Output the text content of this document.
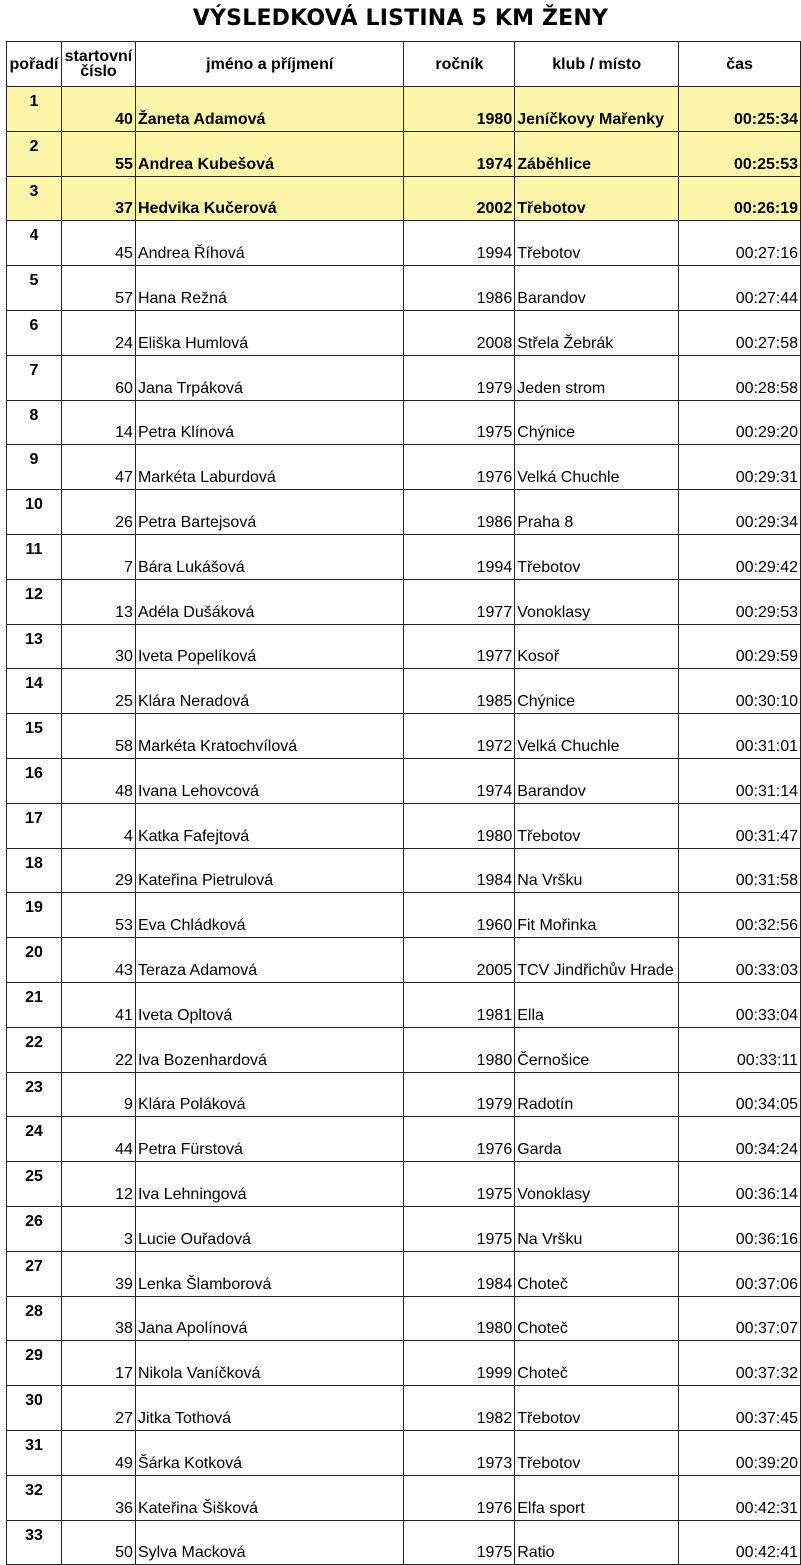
VÝSLEDKOVÁ LISTINA 5 KM ŽENY
pořadí	startovní číslo	jméno a příjmení	ročník	klub / místo	čas
1	40	Žaneta Adamová	1980	Jeníčkovy Mařenky	00:25:34
2	55	Andrea Kubešová	1974	Záběhlice	00:25:53
3	37	Hedvika Kučerová	2002	Třebotov	00:26:19
4	45	Andrea Říhová	1994	Třebotov	00:27:16
5	57	Hana Režná	1986	Barandov	00:27:44
6	24	Eliška Humlová	2008	Střela Žebrák	00:27:58
7	60	Jana Trpáková	1979	Jeden strom	00:28:58
8	14	Petra Klínová	1975	Chýnice	00:29:20
9	47	Markéta Laburdová	1976	Velká Chuchle	00:29:31
10	26	Petra Bartejsová	1986	Praha 8	00:29:34
11	7	Bára Lukášová	1994	Třebotov	00:29:42
12	13	Adéla Dušáková	1977	Vonoklasy	00:29:53
13	30	Iveta Popelíková	1977	Kosoř	00:29:59
14	25	Klára Neradová	1985	Chýnice	00:30:10
15	58	Markéta Kratochvílová	1972	Velká Chuchle	00:31:01
16	48	Ivana Lehovcová	1974	Barandov	00:31:14
17	4	Katka Fafejtová	1980	Třebotov	00:31:47
18	29	Kateřina Pietrulová	1984	Na Vršku	00:31:58
19	53	Eva Chládková	1960	Fit Mořinka	00:32:56
20	43	Teraza Adamová	2005	TCV Jindřichův Hrade	00:33:03
21	41	Iveta Opltová	1981	Ella	00:33:04
22	22	Iva Bozenhardová	1980	Černošice	00:33:11
23	9	Klára Poláková	1979	Radotín	00:34:05
24	44	Petra Fürstová	1976	Garda	00:34:24
25	12	Iva Lehningová	1975	Vonoklasy	00:36:14
26	3	Lucie Ouřadová	1975	Na Vršku	00:36:16
27	39	Lenka Šlamborová	1984	Choteč	00:37:06
28	38	Jana Apolínová	1980	Choteč	00:37:07
29	17	Nikola Vaníčková	1999	Choteč	00:37:32
30	27	Jitka Tothová	1982	Třebotov	00:37:45
31	49	Šárka Kotková	1973	Třebotov	00:39:20
32	36	Kateřina Šišková	1976	Elfa sport	00:42:31
33	50	Sylva Macková	1975	Ratio	00:42:41
